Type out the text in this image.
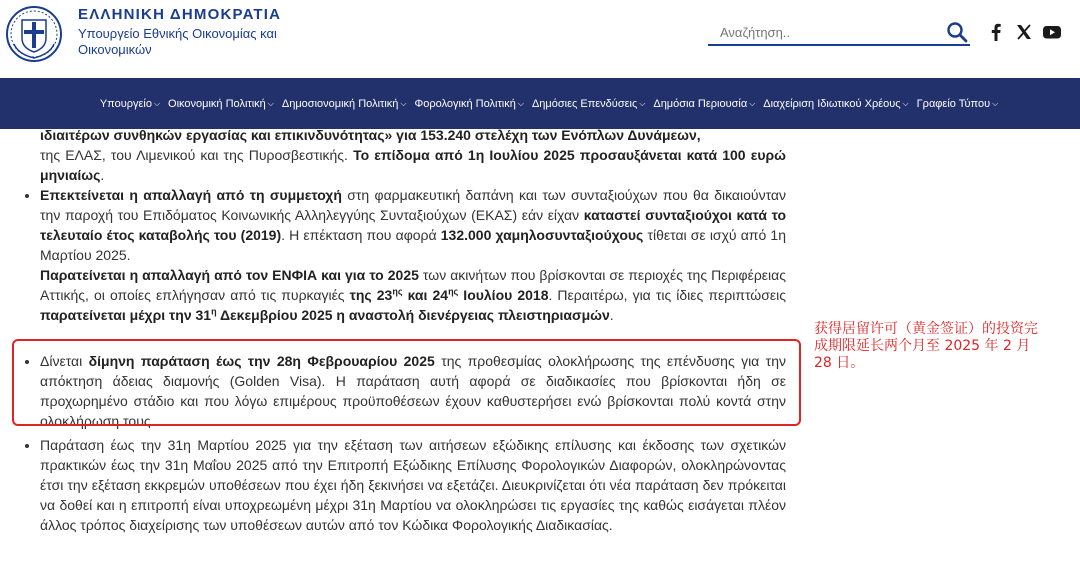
ΕΛΛΗΝΙΚΗ ΔΗΜΟΚΡΑΤΙΑ
Υπουργείο Εθνικής Οικονομίας και Οικονομικών
Αναζήτηση..
Υπουργείο ⌵ Οικονομική Πολιτική ⌵ Δημοσιονομική Πολιτική ⌵ Φορολογική Πολιτική ⌵ Δημόσιες Επενδύσεις ⌵ Δημόσια Περιουσία ⌵ Διαχείριση Ιδιωτικού Χρέους ⌵ Γραφείο Τύπου ⌵
ιδιαιτέρων συνθηκών εργασίας και επικινδυνότητας» για 153.240 στελέχη των Ενόπλων Δυνάμεων,
της ΕΛΑΣ, του Λιμενικού και της Πυροσβεστικής. Το επίδομα από 1η Ιουλίου 2025 προσαυξάνεται κατά 100 ευρώ μηνιαίως.
• Επεκτείνεται η απαλλαγή από τη συμμετοχή στη φαρμακευτική δαπάνη και των συνταξιούχων που θα δικαιούνταν την παροχή του Επιδόματος Κοινωνικής Αλληλεγγύης Συνταξιούχων (ΕΚΑΣ) εάν είχαν καταστεί συνταξιούχοι κατά το τελευταίο έτος καταβολής του (2019). Η επέκταση που αφορά 132.000 χαμηλοσυνταξιούχους τίθεται σε ισχύ από 1η Μαρτίου 2025.
• Παρατείνεται η απαλλαγή από τον ΕΝΦΙΑ και για το 2025 των ακινήτων που βρίσκονται σε περιοχές της Περιφέρειας Αττικής, οι οποίες επλήγησαν από τις πυρκαγιές της $23^{\eta\varsigma}$ και $24^{\eta\varsigma}$ Ιουλίου 2018. Περαιτέρω, για τις ίδιες περιπτώσεις παρατείνεται μέχρι την $31^\eta$ Δεκεμβρίου 2025 η αναστολή διενέργειας πλειστηριασμών.
• Δίνεται δίμηνη παράταση έως την 28η Φεβρουαρίου 2025 της προθεσμίας ολοκλήρωσης της επένδυσης για την απόκτηση άδειας διαμονής (Golden Visa). Η παράταση αυτή αφορά σε διαδικασίες που βρίσκονται ήδη σε προχωρημένο στάδιο και που λόγω επιμέρους προϋποθέσεων έχουν καθυστερήσει ενώ βρίσκονται πολύ κοντά στην ολοκλήρωση τους.
• Παράταση έως την 31η Μαρτίου 2025 για την εξέταση των αιτήσεων εξώδικης επίλυσης και έκδοσης των σχετικών πρακτικών έως την 31η Μαΐου 2025 από την Επιτροπή Εξώδικης Επίλυσης Φορολογικών Διαφορών, ολοκληρώνοντας έτσι την εξέταση εκκρεμών υποθέσεων που έχει ήδη ξεκινήσει να εξετάζει. Διευκρινίζεται ότι νέα παράταση δεν πρόκειται να δοθεί και η επιτροπή είναι υποχρεωμένη μέχρι 31η Μαρτίου να ολοκληρώσει τις εργασίες της καθώς εισάγεται πλέον άλλος τρόπος διαχείρισης των υποθέσεων αυτών από τον Κώδικα Φορολογικής Διαδικασίας.
获得居留许可（黄金签证）的投资完成期限延长两个月至 2025 年 2 月 28 日。
